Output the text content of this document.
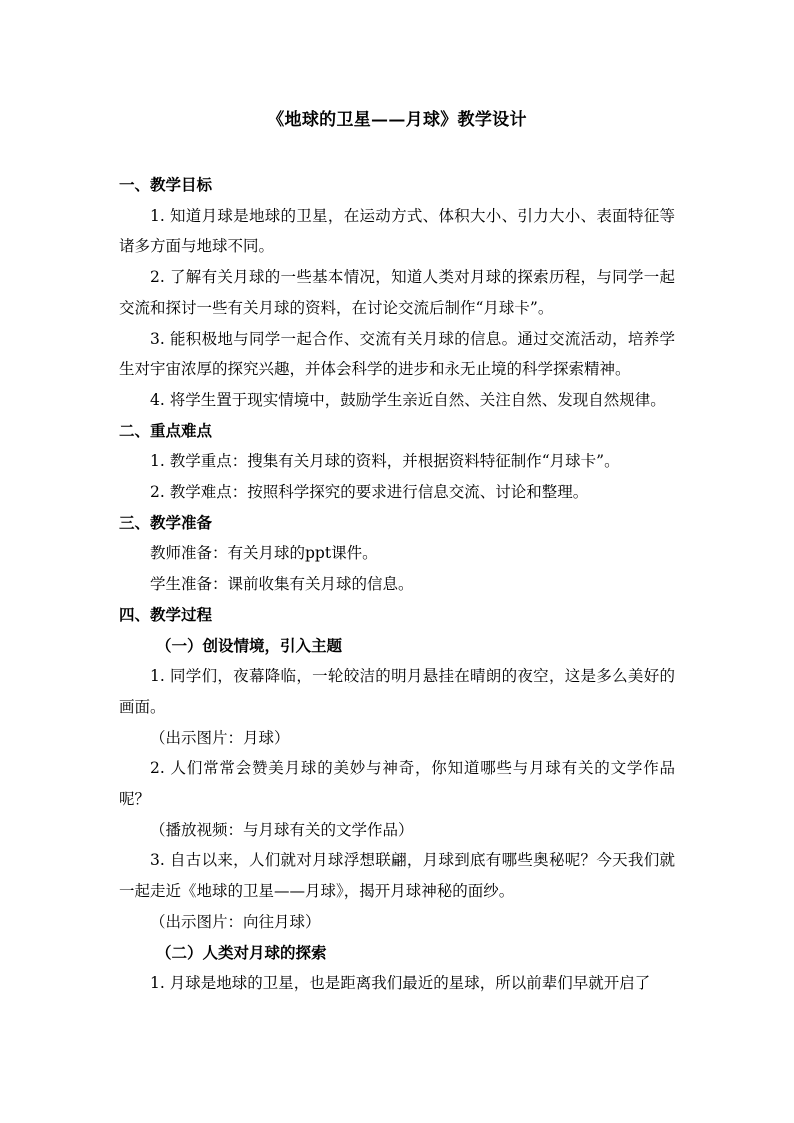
《地球的卫星——月球》教学设计
一、教学目标
1. 知道月球是地球的卫星，在运动方式、体积大小、引力大小、表面特征等诸多方面与地球不同。
2. 了解有关月球的一些基本情况，知道人类对月球的探索历程，与同学一起交流和探讨一些有关月球的资料，在讨论交流后制作“月球卡”。
3. 能积极地与同学一起合作、交流有关月球的信息。通过交流活动，培养学生对宇宙浓厚的探究兴趣，并体会科学的进步和永无止境的科学探索精神。
4. 将学生置于现实情境中，鼓励学生亲近自然、关注自然、发现自然规律。
二、重点难点
1. 教学重点：搜集有关月球的资料，并根据资料特征制作“月球卡”。
2. 教学难点：按照科学探究的要求进行信息交流、讨论和整理。
三、教学准备
教师准备：有关月球的ppt课件。
学生准备：课前收集有关月球的信息。
四、教学过程
（一）创设情境，引入主题
1. 同学们，夜幕降临，一轮皎洁的明月悬挂在晴朗的夜空，这是多么美好的画面。
（出示图片：月球）
2. 人们常常会赞美月球的美妙与神奇，你知道哪些与月球有关的文学作品呢？
（播放视频：与月球有关的文学作品）
3. 自古以来，人们就对月球浮想联翩，月球到底有哪些奥秘呢？今天我们就一起走近《地球的卫星——月球》，揭开月球神秘的面纱。
（出示图片：向往月球）
（二）人类对月球的探索
1. 月球是地球的卫星，也是距离我们最近的星球，所以前辈们早就开启了
